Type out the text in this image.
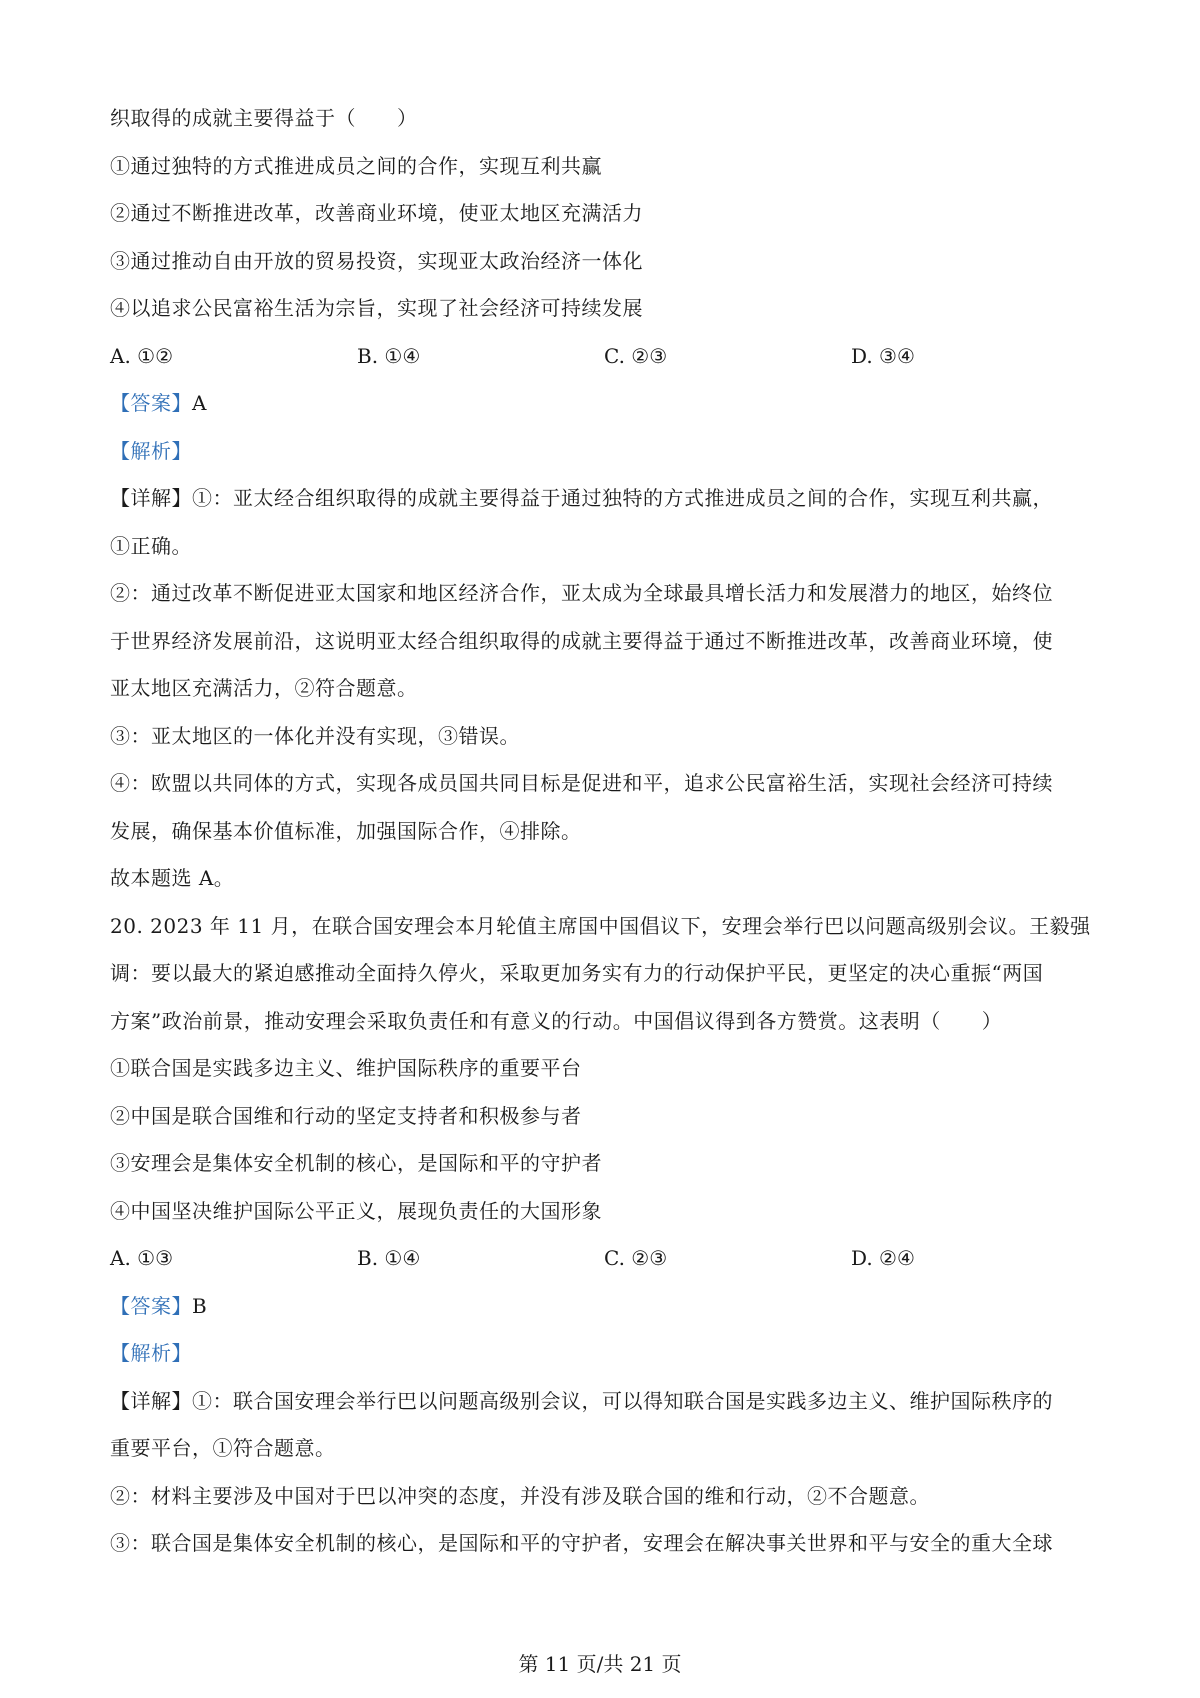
织取得的成就主要得益于（　　）
①通过独特的方式推进成员之间的合作，实现互利共赢
②通过不断推进改革，改善商业环境，使亚太地区充满活力
③通过推动自由开放的贸易投资，实现亚太政治经济一体化
④以追求公民富裕生活为宗旨，实现了社会经济可持续发展
A. ①②	B. ①④	C. ②③	D. ③④
【答案】A
【解析】
【详解】①：亚太经合组织取得的成就主要得益于通过独特的方式推进成员之间的合作，实现互利共赢，
①正确。
②：通过改革不断促进亚太国家和地区经济合作，亚太成为全球最具增长活力和发展潜力的地区，始终位
于世界经济发展前沿，这说明亚太经合组织取得的成就主要得益于通过不断推进改革，改善商业环境，使
亚太地区充满活力，②符合题意。
③：亚太地区的一体化并没有实现，③错误。
④：欧盟以共同体的方式，实现各成员国共同目标是促进和平，追求公民富裕生活，实现社会经济可持续
发展，确保基本价值标准，加强国际合作，④排除。
故本题选 A。
20. 2023 年 11 月，在联合国安理会本月轮值主席国中国倡议下，安理会举行巴以问题高级别会议。王毅强
调：要以最大的紧迫感推动全面持久停火，采取更加务实有力的行动保护平民，更坚定的决心重振“两国
方案”政治前景，推动安理会采取负责任和有意义的行动。中国倡议得到各方赞赏。这表明（　　）
①联合国是实践多边主义、维护国际秩序的重要平台
②中国是联合国维和行动的坚定支持者和积极参与者
③安理会是集体安全机制的核心，是国际和平的守护者
④中国坚决维护国际公平正义，展现负责任的大国形象
A. ①③	B. ①④	C. ②③	D. ②④
【答案】B
【解析】
【详解】①：联合国安理会举行巴以问题高级别会议，可以得知联合国是实践多边主义、维护国际秩序的
重要平台，①符合题意。
②：材料主要涉及中国对于巴以冲突的态度，并没有涉及联合国的维和行动，②不合题意。
③：联合国是集体安全机制的核心，是国际和平的守护者，安理会在解决事关世界和平与安全的重大全球
第 11 页/共 21 页
